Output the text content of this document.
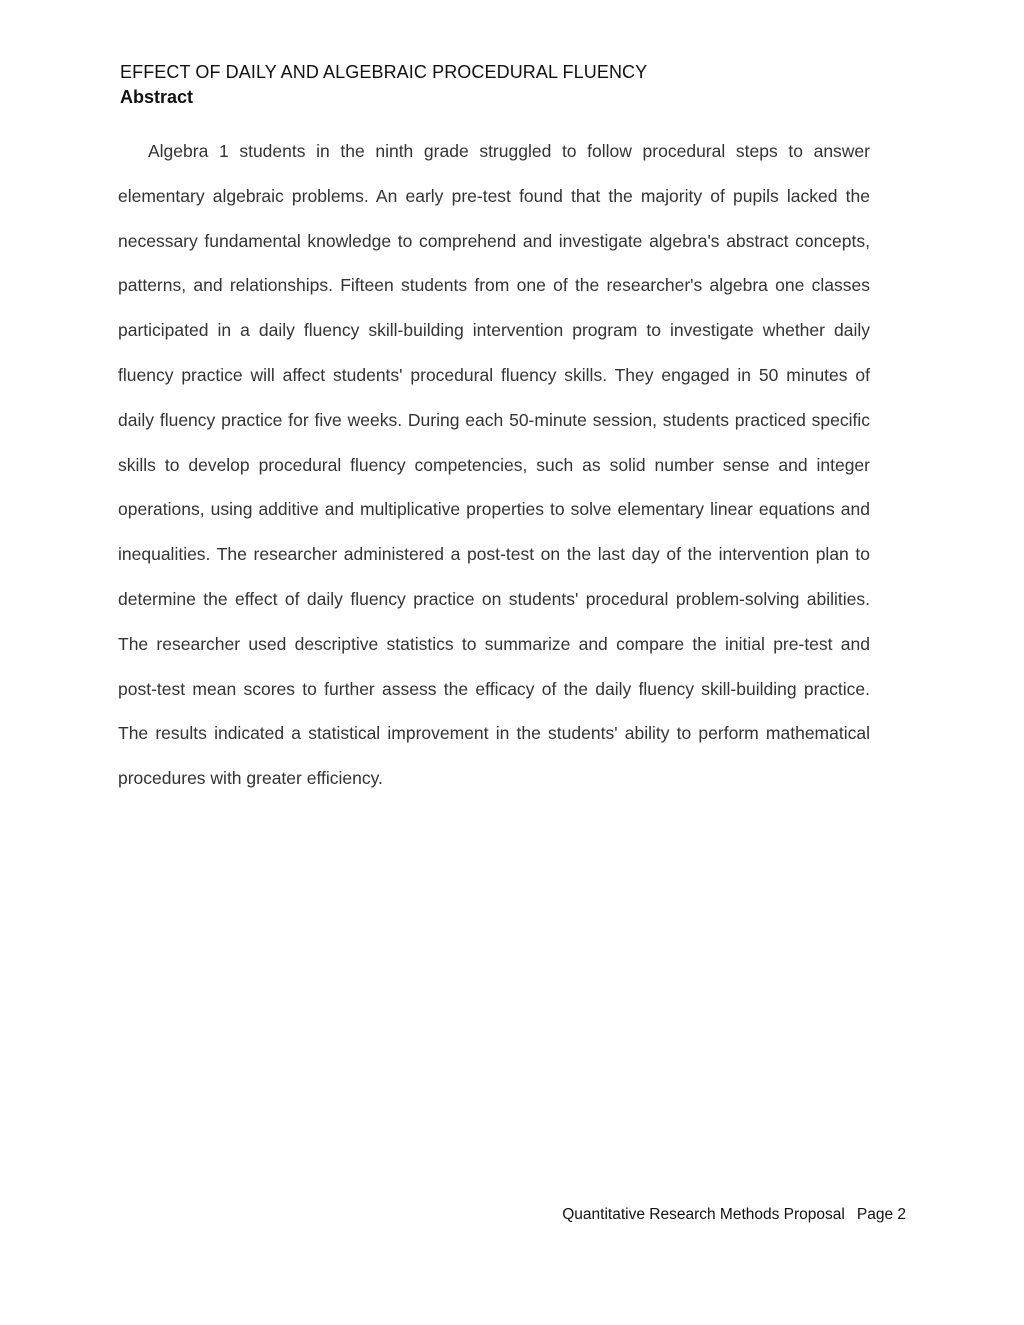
EFFECT OF DAILY AND ALGEBRAIC PROCEDURAL FLUENCY
Abstract

Algebra 1 students in the ninth grade struggled to follow procedural steps to answer elementary algebraic problems. An early pre-test found that the majority of pupils lacked the necessary fundamental knowledge to comprehend and investigate algebra's abstract concepts, patterns, and relationships. Fifteen students from one of the researcher's algebra one classes participated in a daily fluency skill-building intervention program to investigate whether daily fluency practice will affect students' procedural fluency skills. They engaged in 50 minutes of daily fluency practice for five weeks. During each 50-minute session, students practiced specific skills to develop procedural fluency competencies, such as solid number sense and integer operations, using additive and multiplicative properties to solve elementary linear equations and inequalities. The researcher administered a post-test on the last day of the intervention plan to determine the effect of daily fluency practice on students' procedural problem-solving abilities. The researcher used descriptive statistics to summarize and compare the initial pre-test and post-test mean scores to further assess the efficacy of the daily fluency skill-building practice. The results indicated a statistical improvement in the students' ability to perform mathematical procedures with greater efficiency.

Quantitative Research Methods Proposal Page 2
